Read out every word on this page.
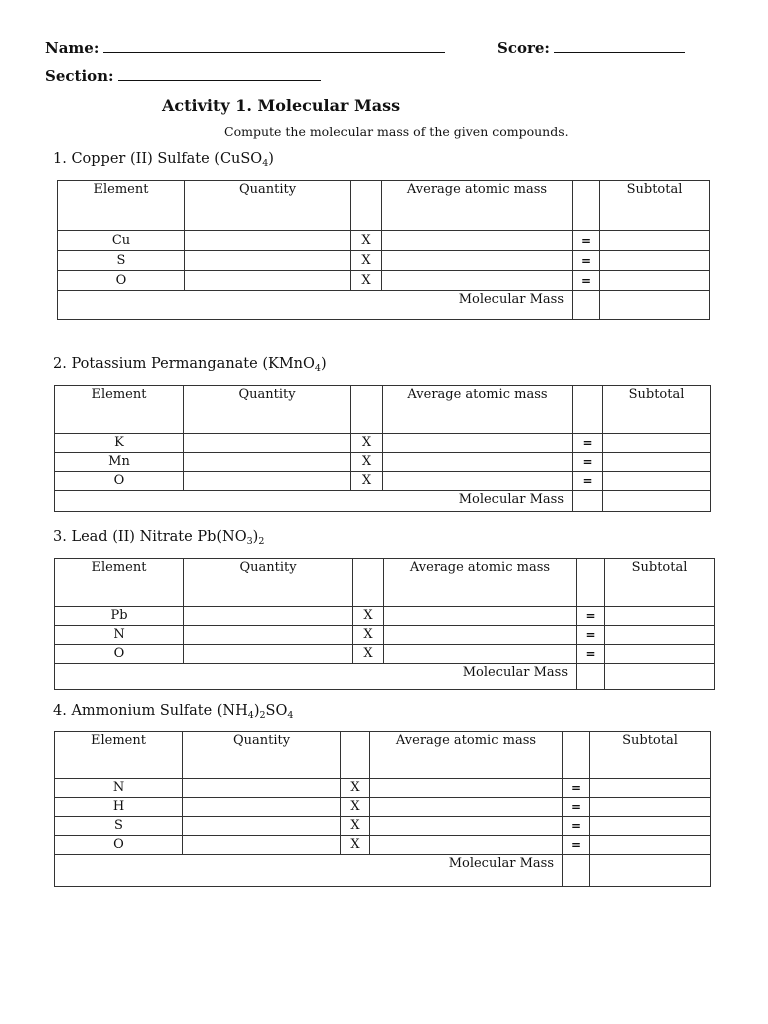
Name:	Score:
Section:
Activity 1. Molecular Mass
Compute the molecular mass of the given compounds.
1. Copper (II) Sulfate (CuSO$_4$)
Element	Quantity		Average atomic mass		Subtotal
Cu		X		=	
S		X		=	
O		X		=	
Molecular Mass					
2. Potassium Permanganate (KMnO$_4$)
Element	Quantity		Average atomic mass		Subtotal
K		X		=	
Mn		X		=	
O		X		=	
Molecular Mass					
3. Lead (II) Nitrate $Pb(NO_3)_2$
Element	Quantity		Average atomic mass		Subtotal
Pb		X		=	
N		X		=	
O		X		=	
Molecular Mass					
4. Ammonium Sulfate $(NH_4)_2SO_4$
Element	Quantity		Average atomic mass		Subtotal
N		X		=	
H		X		=	
S		X		=	
O		X		=	
Molecular Mass					
